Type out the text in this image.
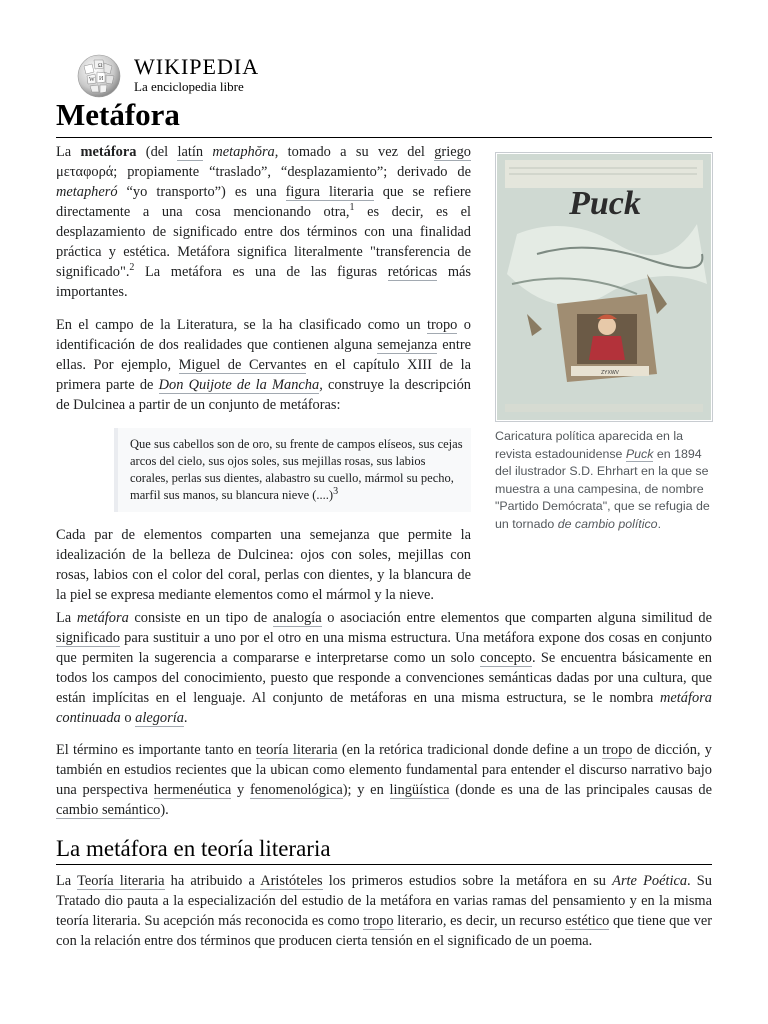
Ω
W И WIKIPEDIA
La enciclopedia libre
Metáfora

La metáfora (del latín metaphŏra, tomado a su vez del griego μεταφορά; propiamente “traslado”, “desplazamiento”; derivado de metapheró “yo transporto”) es una figura literaria que se refiere directamente a una cosa mencionando otra,$^1$ es decir, es el desplazamiento de significado entre dos términos con una finalidad práctica y estética. Metáfora significa literalmente "transferencia de significado".$^2$ La metáfora es una de las figuras retóricas más importantes.

En el campo de la Literatura, se la ha clasificado como un tropo o identificación de dos realidades que contienen alguna semejanza entre ellas. Por ejemplo, Miguel de Cervantes en el capítulo XIII de la primera parte de Don Quijote de la Mancha, construye la descripción de Dulcinea a partir de un conjunto de metáforas:

Que sus cabellos son de oro, su frente de campos elíseos, sus cejas arcos del cielo, sus ojos soles, sus mejillas rosas, sus labios corales, perlas sus dientes, alabastro su cuello, mármol su pecho, marfil sus manos, su blancura nieve (....)$^3$

Cada par de elementos comparten una semejanza que permite la idealización de la belleza de Dulcinea: ojos con soles, mejillas con rosas, labios con el color del coral, perlas con dientes, y la blancura de la piel se expresa mediante elementos como el mármol y la nieve.

Puck
ZYXWV
Caricatura política aparecida en la revista estadounidense Puck en 1894 del ilustrador S.D. Ehrhart en la que se muestra a una campesina, de nombre "Partido Demócrata", que se refugia de un tornado de cambio político.

La metáfora consiste en un tipo de analogía o asociación entre elementos que comparten alguna similitud de significado para sustituir a uno por el otro en una misma estructura. Una metáfora expone dos cosas en conjunto que permiten la sugerencia a compararse e interpretarse como un solo concepto. Se encuentra básicamente en todos los campos del conocimiento, puesto que responde a convenciones semánticas dadas por una cultura, que están implícitas en el lenguaje. Al conjunto de metáforas en una misma estructura, se le nombra metáfora continuada o alegoría.

El término es importante tanto en teoría literaria (en la retórica tradicional donde define a un tropo de dicción, y también en estudios recientes que la ubican como elemento fundamental para entender el discurso narrativo bajo una perspectiva hermenéutica y fenomenológica); y en lingüística (donde es una de las principales causas de cambio semántico).

La metáfora en teoría literaria

La Teoría literaria ha atribuido a Aristóteles los primeros estudios sobre la metáfora en su Arte Poética. Su Tratado dio pauta a la especialización del estudio de la metáfora en varias ramas del pensamiento y en la misma teoría literaria. Su acepción más reconocida es como tropo literario, es decir, un recurso estético que tiene que ver con la relación entre dos términos que producen cierta tensión en el significado de un poema.
